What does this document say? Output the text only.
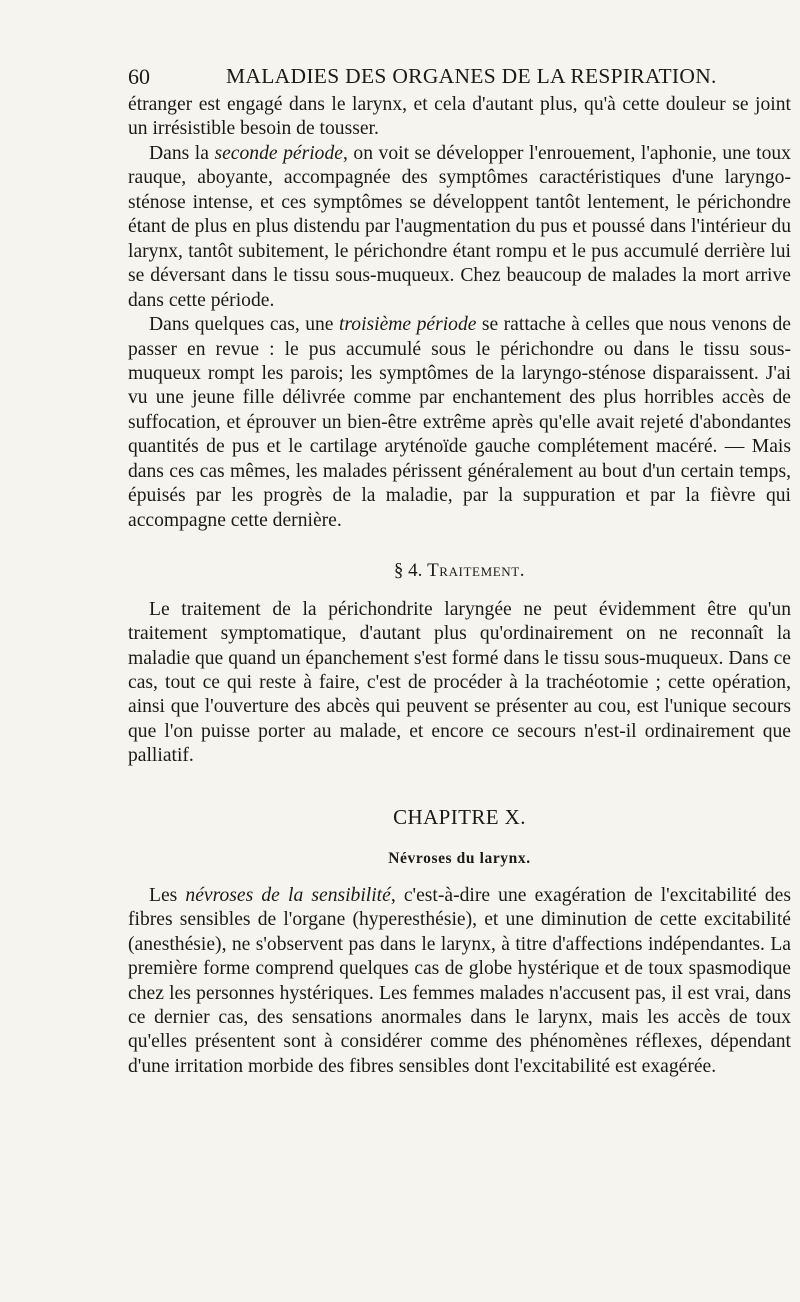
60	MALADIES DES ORGANES DE LA RESPIRATION.

étranger est engagé dans le larynx, et cela d'autant plus, qu'à cette douleur se joint un irrésistible besoin de tousser.

Dans la seconde période, on voit se développer l'enrouement, l'aphonie, une toux rauque, aboyante, accompagnée des symptômes caractéristiques d'une laryngo-sténose intense, et ces symptômes se développent tantôt lentement, le périchondre étant de plus en plus distendu par l'augmentation du pus et poussé dans l'intérieur du larynx, tantôt subitement, le périchondre étant rompu et le pus accumulé derrière lui se déversant dans le tissu sous-muqueux. Chez beaucoup de malades la mort arrive dans cette période.

Dans quelques cas, une troisième période se rattache à celles que nous venons de passer en revue : le pus accumulé sous le périchondre ou dans le tissu sous-muqueux rompt les parois; les symptômes de la laryngo-sténose disparaissent. J'ai vu une jeune fille délivrée comme par enchantement des plus horribles accès de suffocation, et éprouver un bien-être extrême après qu'elle avait rejeté d'abondantes quantités de pus et le cartilage aryténoïde gauche complétement macéré. — Mais dans ces cas mêmes, les malades périssent généralement au bout d'un certain temps, épuisés par les progrès de la maladie, par la suppuration et par la fièvre qui accompagne cette dernière.

§ 4. Traitement.

Le traitement de la périchondrite laryngée ne peut évidemment être qu'un traitement symptomatique, d'autant plus qu'ordinairement on ne reconnaît la maladie que quand un épanchement s'est formé dans le tissu sous-muqueux. Dans ce cas, tout ce qui reste à faire, c'est de procéder à la trachéotomie ; cette opération, ainsi que l'ouverture des abcès qui peuvent se présenter au cou, est l'unique secours que l'on puisse porter au malade, et encore ce secours n'est-il ordinairement que palliatif.

CHAPITRE X.
Névroses du larynx.

Les névroses de la sensibilité, c'est-à-dire une exagération de l'excitabilité des fibres sensibles de l'organe (hyperesthésie), et une diminution de cette excitabilité (anesthésie), ne s'observent pas dans le larynx, à titre d'affections indépendantes. La première forme comprend quelques cas de globe hystérique et de toux spasmodique chez les personnes hystériques. Les femmes malades n'accusent pas, il est vrai, dans ce dernier cas, des sensations anormales dans le larynx, mais les accès de toux qu'elles présentent sont à considérer comme des phénomènes réflexes, dépendant d'une irritation morbide des fibres sensibles dont l'excitabilité est exagérée.
